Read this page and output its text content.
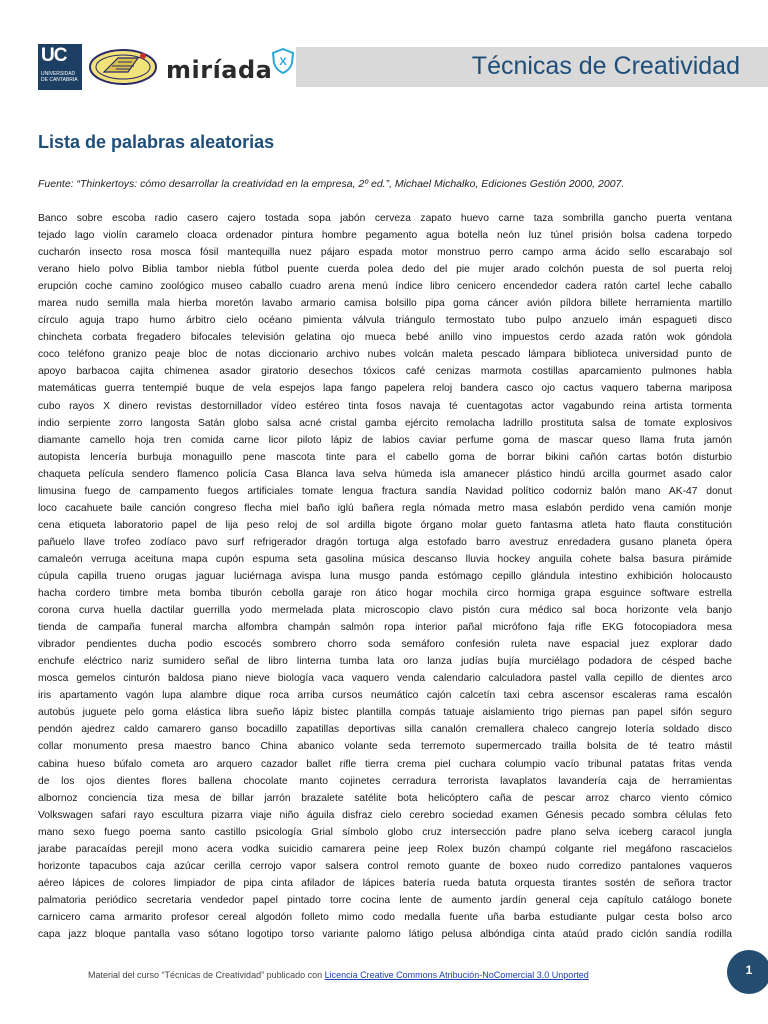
UC
UNIVERSIDAD DE CANTABRIA	miríada X	Técnicas de Creatividad
Lista de palabras aleatorias

Fuente: “Thinkertoys: cómo desarrollar la creatividad en la empresa, 2º ed.”, Michael Michalko, Ediciones Gestión 2000, 2007.

Banco sobre escoba radio casero cajero tostada sopa jabón cerveza zapato huevo carne taza sombrilla gancho puerta ventana
tejado lago violín caramelo cloaca ordenador pintura hombre pegamento agua botella neón luz túnel prisión bolsa cadena torpedo
cucharón insecto rosa mosca fósil mantequilla nuez pájaro espada motor monstruo perro campo arma ácido sello escarabajo sol
verano hielo polvo Biblia tambor niebla fútbol puente cuerda polea dedo del pie mujer arado colchón puesta de sol puerta reloj
erupción coche camino zoológico museo caballo cuadro arena menú índice libro cenicero encendedor cadera ratón cartel leche caballo
marea nudo semilla mala hierba moretón lavabo armario camisa bolsillo pipa goma cáncer avión píldora billete herramienta martillo
círculo aguja trapo humo árbitro cielo océano pimienta válvula triángulo termostato tubo pulpo anzuelo imán espagueti disco
chincheta corbata fregadero bifocales televisión gelatina ojo mueca bebé anillo vino impuestos cerdo azada ratón wok góndola
coco teléfono granizo peaje bloc de notas diccionario archivo nubes volcán maleta pescado lámpara biblioteca universidad punto de
apoyo barbacoa cajita chimenea asador giratorio desechos tóxicos café cenizas marmota costillas aparcamiento pulmones habla
matemáticas guerra tentempié buque de vela espejos lapa fango papelera reloj bandera casco ojo cactus vaquero taberna mariposa
cubo rayos X dinero revistas destornillador vídeo estéreo tinta fosos navaja té cuentagotas actor vagabundo reina artista tormenta
indio serpiente zorro langosta Satán globo salsa acné cristal gamba ejército remolacha ladrillo prostituta salsa de tomate explosivos
diamante camello hoja tren comida carne licor piloto lápiz de labios caviar perfume goma de mascar queso llama fruta jamón
autopista lencería burbuja monaguillo pene mascota tinte para el cabello goma de borrar bikini cañón cartas botón disturbio
chaqueta película sendero flamenco policía Casa Blanca lava selva húmeda isla amanecer plástico hindú arcilla gourmet asado calor
limusina fuego de campamento fuegos artificiales tomate lengua fractura sandía Navidad político codorniz balón mano AK-47 donut
loco cacahuete baile canción congreso flecha miel baño iglú bañera regla nómada metro masa eslabón perdido vena camión monje
cena etiqueta laboratorio papel de lija peso reloj de sol ardilla bigote órgano molar gueto fantasma atleta hato flauta constitución
pañuelo llave trofeo zodíaco pavo surf refrigerador dragón tortuga alga estofado barro avestruz enredadera gusano planeta ópera
camaleón verruga aceituna mapa cupón espuma seta gasolina música descanso lluvia hockey anguila cohete balsa basura pirámide
cúpula capilla trueno orugas jaguar luciérnaga avispa luna musgo panda estómago cepillo glándula intestino exhibición holocausto
hacha cordero timbre meta bomba tiburón cebolla garaje ron ático hogar mochila circo hormiga grapa esguince software estrella
corona curva huella dactilar guerrilla yodo mermelada plata microscopio clavo pistón cura médico sal boca horizonte vela banjo
tienda de campaña funeral marcha alfombra champán salmón ropa interior pañal micrófono faja rifle EKG fotocopiadora mesa
vibrador pendientes ducha podio escocés sombrero chorro soda semáforo confesión ruleta nave espacial juez explorar dado
enchufe eléctrico nariz sumidero señal de libro linterna tumba lata oro lanza judías bujía murciélago podadora de césped bache
mosca gemelos cinturón baldosa piano nieve biología vaca vaquero venda calendario calculadora pastel valla cepillo de dientes arco
iris apartamento vagón lupa alambre dique roca arriba cursos neumático cajón calcetín taxi cebra ascensor escaleras rama escalón
autobús juguete pelo goma elástica libra sueño lápiz bistec plantilla compás tatuaje aislamiento trigo piernas pan papel sifón seguro
pendón ajedrez caldo camarero ganso bocadillo zapatillas deportivas silla canalón cremallera chaleco cangrejo lotería soldado disco
collar monumento presa maestro banco China abanico volante seda terremoto supermercado trailla bolsita de té teatro mástil
cabina hueso búfalo cometa aro arquero cazador ballet rifle tierra crema piel cuchara columpio vacío tribunal patatas fritas venda
de los ojos dientes flores ballena chocolate manto cojinetes cerradura terrorista lavaplatos lavandería caja de herramientas
albornoz conciencia tiza mesa de billar jarrón brazalete satélite bota helicóptero caña de pescar arroz charco viento cómico
Volkswagen safari rayo escultura pizarra viaje niño águila disfraz cielo cerebro sociedad examen Génesis pecado sombra células feto
mano sexo fuego poema santo castillo psicología Grial símbolo globo cruz intersección padre plano selva iceberg caracol jungla
jarabe paracaídas perejil mono acera vodka suicidio camarera peine jeep Rolex buzón champú colgante riel megáfono rascacielos
horizonte tapacubos caja azúcar cerilla cerrojo vapor salsera control remoto guante de boxeo nudo corredizo pantalones vaqueros
aéreo lápices de colores limpiador de pipa cinta afilador de lápices batería rueda batuta orquesta tirantes sostén de señora tractor
palmatoria periódico secretaria vendedor papel pintado torre cocina lente de aumento jardín general ceja capítulo catálogo bonete
carnicero cama armarito profesor cereal algodón folleto mimo codo medalla fuente uña barba estudiante pulgar cesta bolso arco
capa jazz bloque pantalla vaso sótano logotipo torso variante palomo látigo pelusa albóndiga cinta ataúd prado ciclón sandía rodilla
Material del curso “Técnicas de Creatividad” publicado con Licencia Creative Commons Atribución-NoComercial 3.0 Unported	1
